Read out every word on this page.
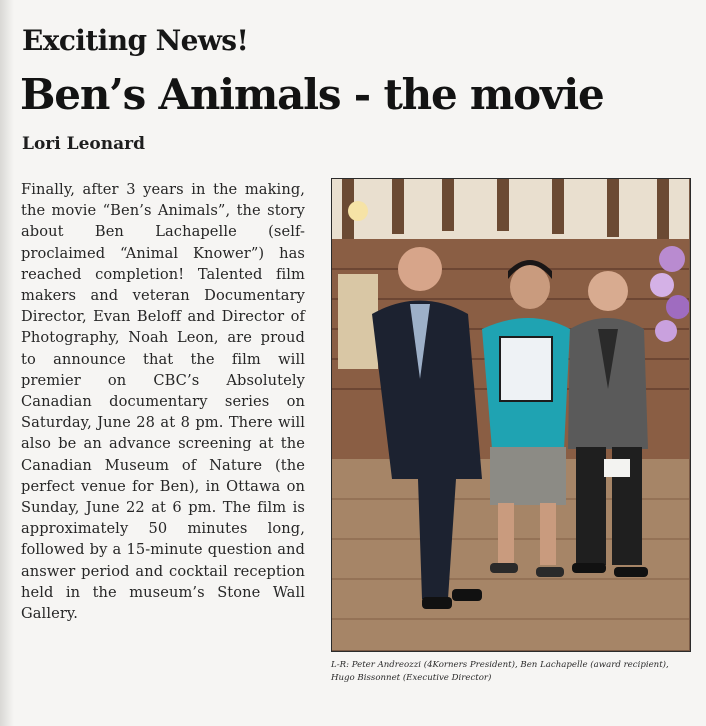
Exciting News!
Ben’s Animals - the movie
Lori Leonard
Finally, after 3 years in the making, the movie “Ben’s Animals”, the story about Ben Lachapelle (self-proclaimed “Animal Knower”) has reached completion! Talented film makers and veteran Documentary Director, Evan Beloff and Director of Photography, Noah Leon, are proud to announce that the film will premier on CBC’s Absolutely Canadian documentary series on Saturday, June 28 at 8 pm. There will also be an advance screening at the Canadian Museum of Nature (the perfect venue for Ben), in Ottawa on Sunday, June 22 at 6 pm. The film is approximately 50 minutes long, followed by a 15-minute question and answer period and cocktail reception held in the museum’s Stone Wall Gallery.
L-R: Peter Andreozzi (4Korners President), Ben Lachapelle (award recipient), Hugo Bissonnet (Executive Director)
